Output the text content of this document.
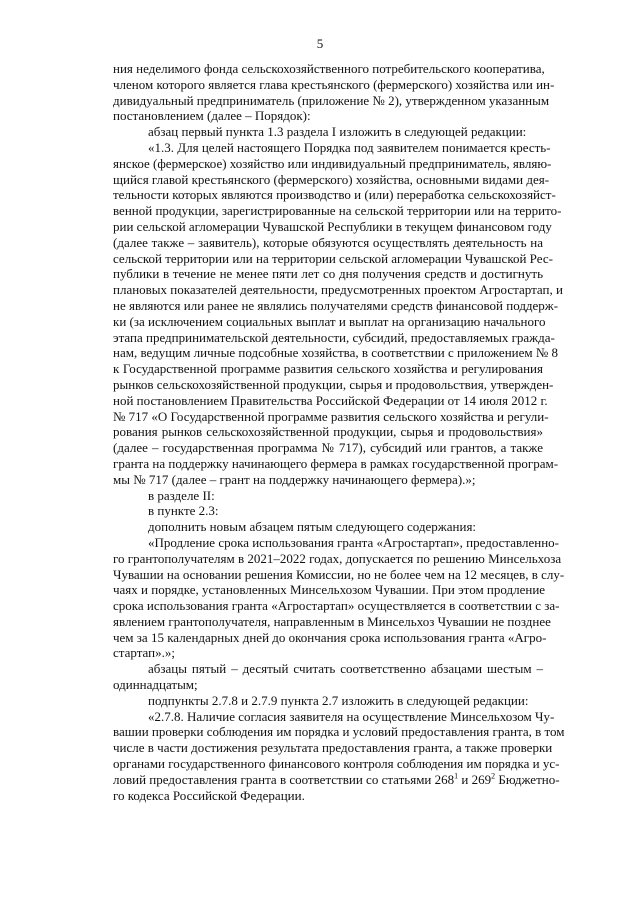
5

ния неделимого фонда сельскохозяйственного потребительского кооператива,

членом которого является глава крестьянского (фермерского) хозяйства или ин-

дивидуальный предприниматель (приложение № 2), утвержденном указанным

постановлением (далее – Порядок):

абзац первый пункта 1.3 раздела I изложить в следующей редакции:

«1.3. Для целей настоящего Порядка под заявителем понимается кресть-

янское (фермерское) хозяйство или индивидуальный предприниматель, являю-

щийся главой крестьянского (фермерского) хозяйства, основными видами дея-

тельности которых являются производство и (или) переработка сельскохозяйст-

венной продукции, зарегистрированные на сельской территории или на террито-

рии сельской агломерации Чувашской Республики в текущем финансовом году

(далее также – заявитель), которые обязуются осуществлять деятельность на

сельской территории или на территории сельской агломерации Чувашской Рес-

публики в течение не менее пяти лет со дня получения средств и достигнуть

плановых показателей деятельности, предусмотренных проектом Агростартап, и

не являются или ранее не являлись получателями средств финансовой поддерж-

ки (за исключением социальных выплат и выплат на организацию начального

этапа предпринимательской деятельности, субсидий, предоставляемых гражда-

нам, ведущим личные подсобные хозяйства, в соответствии с приложением № 8

к Государственной программе развития сельского хозяйства и регулирования

рынков сельскохозяйственной продукции, сырья и продовольствия, утвержден-

ной постановлением Правительства Российской Федерации от 14 июля 2012 г.

№ 717 «О Государственной программе развития сельского хозяйства и регули-

рования рынков сельскохозяйственной продукции, сырья и продовольствия»

(далее – государственная программа № 717), субсидий или грантов, а также

гранта на поддержку начинающего фермера в рамках государственной програм-

мы № 717 (далее – грант на поддержку начинающего фермера).»;

в разделе II:

в пункте 2.3:

дополнить новым абзацем пятым следующего содержания:

«Продление срока использования гранта «Агростартап», предоставленно-

го грантополучателям в 2021–2022 годах, допускается по решению Минсельхоза

Чувашии на основании решения Комиссии, но не более чем на 12 месяцев, в слу-

чаях и порядке, установленных Минсельхозом Чувашии. При этом продление

срока использования гранта «Агростартап» осуществляется в соответствии с за-

явлением грантополучателя, направленным в Минсельхоз Чувашии не позднее

чем за 15 календарных дней до окончания срока использования гранта «Агро-

стартап».»;

абзацы пятый – десятый считать соответственно абзацами шестым –

одиннадцатым;

подпункты 2.7.8 и 2.7.9 пункта 2.7 изложить в следующей редакции:

«2.7.8. Наличие согласия заявителя на осуществление Минсельхозом Чу-

вашии проверки соблюдения им порядка и условий предоставления гранта, в том

числе в части достижения результата предоставления гранта, а также проверки

органами государственного финансового контроля соблюдения им порядка и ус-

ловий предоставления гранта в соответствии со статьями $268^1$ и $269^2$ Бюджетно-

го кодекса Российской Федерации.
